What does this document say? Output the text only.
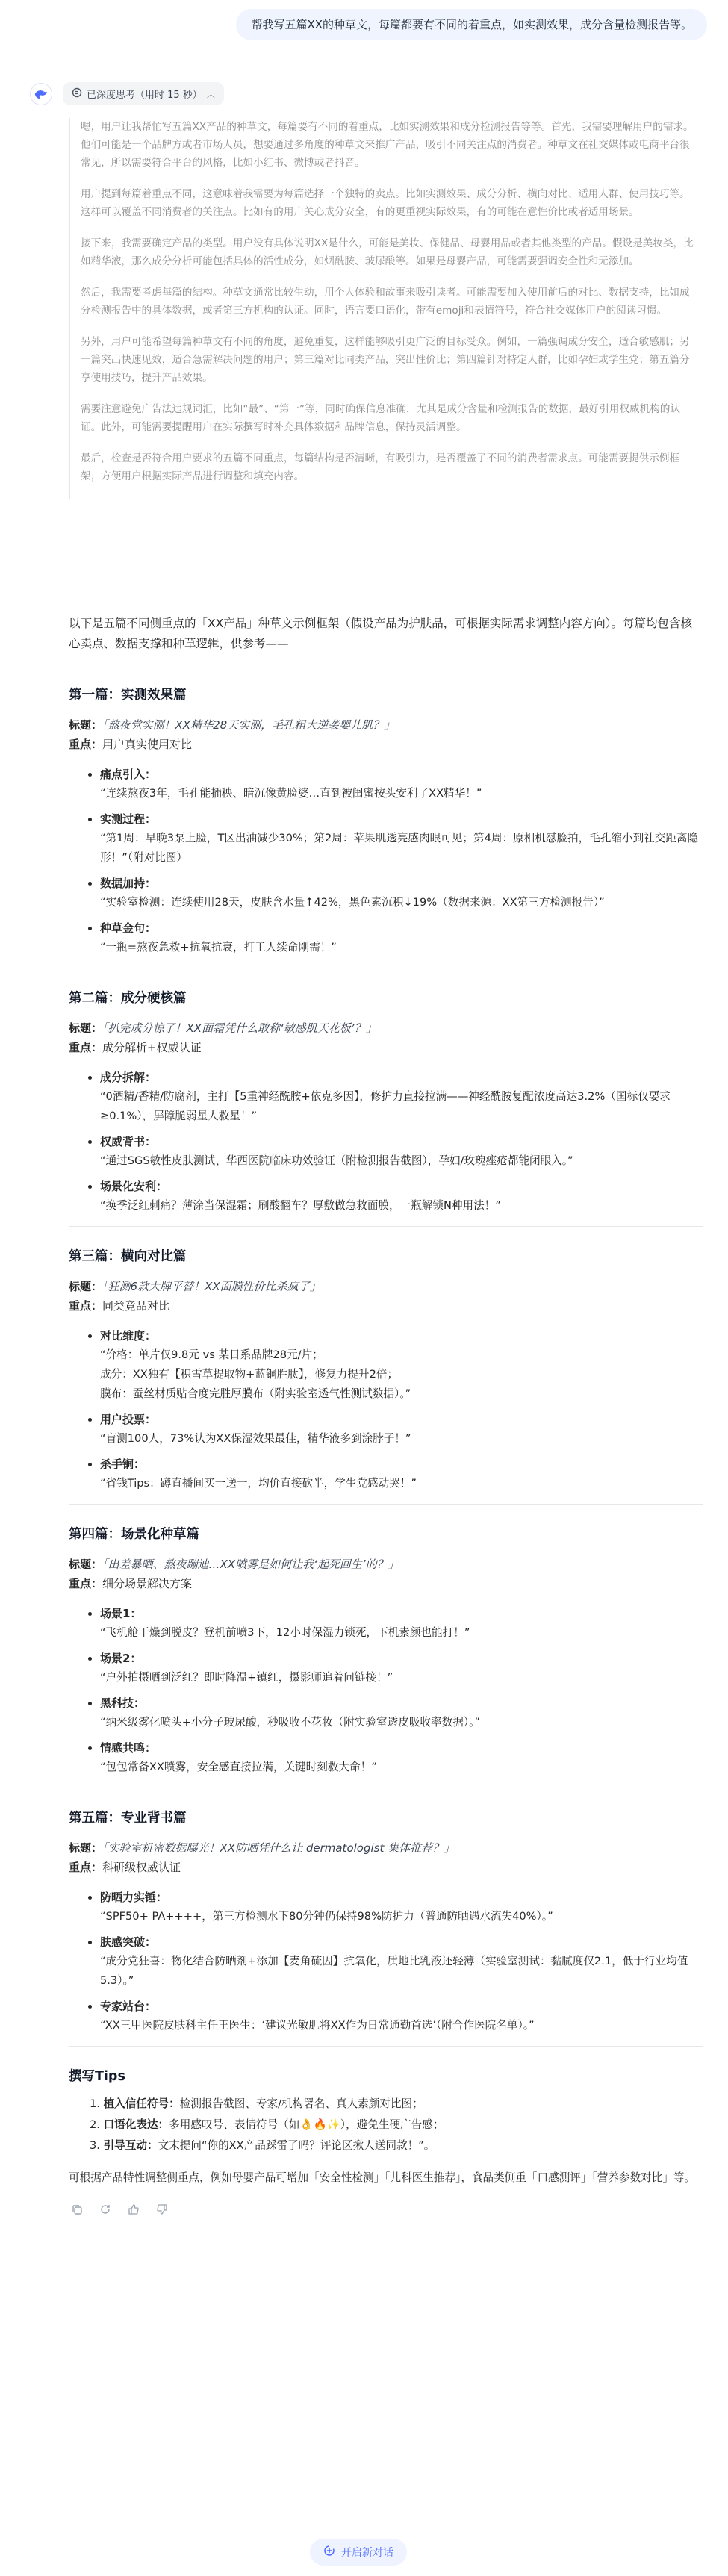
帮我写五篇XX的种草文，每篇都要有不同的着重点，如实测效果，成分含量检测报告等。
已深度思考（用时 15 秒） ︿

嗯，用户让我帮忙写五篇XX产品的种草文，每篇要有不同的着重点，比如实测效果和成分检测报告等等。首先，我需要理解用户的需求。他们可能是一个品牌方或者市场人员，想要通过多角度的种草文来推广产品，吸引不同关注点的消费者。种草文在社交媒体或电商平台很常见，所以需要符合平台的风格，比如小红书、微博或者抖音。

用户提到每篇着重点不同，这意味着我需要为每篇选择一个独特的卖点。比如实测效果、成分分析、横向对比、适用人群、使用技巧等。这样可以覆盖不同消费者的关注点。比如有的用户关心成分安全，有的更重视实际效果，有的可能在意性价比或者适用场景。

接下来，我需要确定产品的类型。用户没有具体说明XX是什么，可能是美妆、保健品、母婴用品或者其他类型的产品。假设是美妆类，比如精华液，那么成分分析可能包括具体的活性成分，如烟酰胺、玻尿酸等。如果是母婴产品，可能需要强调安全性和无添加。

然后，我需要考虑每篇的结构。种草文通常比较生动，用个人体验和故事来吸引读者。可能需要加入使用前后的对比、数据支持，比如成分检测报告中的具体数据，或者第三方机构的认证。同时，语言要口语化，带有emoji和表情符号，符合社交媒体用户的阅读习惯。

另外，用户可能希望每篇种草文有不同的角度，避免重复，这样能够吸引更广泛的目标受众。例如，一篇强调成分安全，适合敏感肌；另一篇突出快速见效，适合急需解决问题的用户；第三篇对比同类产品，突出性价比；第四篇针对特定人群，比如孕妇或学生党；第五篇分享使用技巧，提升产品效果。

需要注意避免广告法违规词汇，比如“最”、“第一”等，同时确保信息准确，尤其是成分含量和检测报告的数据，最好引用权威机构的认证。此外，可能需要提醒用户在实际撰写时补充具体数据和品牌信息，保持灵活调整。

最后，检查是否符合用户要求的五篇不同重点，每篇结构是否清晰，有吸引力，是否覆盖了不同的消费者需求点。可能需要提供示例框架，方便用户根据实际产品进行调整和填充内容。

以下是五篇不同侧重点的「XX产品」种草文示例框架（假设产品为护肤品，可根据实际需求调整内容方向）。每篇均包含核心卖点、数据支撑和种草逻辑，供参考——
第一篇：实测效果篇
标题：「熬夜党实测！XX精华28天实测，毛孔粗大逆袭婴儿肌？」
重点：用户真实使用对比
痛点引入：
“连续熬夜3年，毛孔能插秧、暗沉像黄脸婆…直到被闺蜜按头安利了XX精华！”
实测过程：
“第1周：早晚3泵上脸，T区出油减少30%；第2周：苹果肌透亮感肉眼可见；第4周：原相机怼脸拍，毛孔缩小到社交距离隐形！”（附对比图）
数据加持：
“实验室检测：连续使用28天，皮肤含水量↑42%，黑色素沉积↓19%（数据来源：XX第三方检测报告）”
种草金句：
“一瓶=熬夜急救+抗氧抗衰，打工人续命刚需！”
第二篇：成分硬核篇
标题：「扒完成分惊了！XX面霜凭什么敢称‘敏感肌天花板’？」
重点：成分解析+权威认证
成分拆解：
“0酒精/香精/防腐剂，主打【5重神经酰胺+依克多因】，修护力直接拉满——神经酰胺复配浓度高达3.2%（国标仅要求≥0.1%），屏障脆弱星人救星！”
权威背书：
“通过SGS敏性皮肤测试、华西医院临床功效验证（附检测报告截图），孕妇/玫瑰痤疮都能闭眼入。”
场景化安利：
“换季泛红刺痛？薄涂当保湿霜；刷酸翻车？厚敷做急救面膜，一瓶解锁N种用法！”
第三篇：横向对比篇
标题：「狂测6款大牌平替！XX面膜性价比杀疯了」
重点：同类竞品对比
对比维度：
“价格：单片仅9.8元 vs 某日系品牌28元/片；
成分：XX独有【积雪草提取物+蓝铜胜肽】，修复力提升2倍；
膜布：蚕丝材质贴合度完胜厚膜布（附实验室透气性测试数据）。”
用户投票：
“盲测100人，73%认为XX保湿效果最佳，精华液多到涂脖子！”
杀手锏：
“省钱Tips：蹲直播间买一送一，均价直接砍半，学生党感动哭！”
第四篇：场景化种草篇
标题：「出差暴晒、熬夜蹦迪…XX喷雾是如何让我‘起死回生’的？」
重点：细分场景解决方案
场景1：
“飞机舱干燥到脱皮？登机前喷3下，12小时保湿力锁死，下机素颜也能打！”
场景2：
“户外拍摄晒到泛红？即时降温+镇红，摄影师追着问链接！”
黑科技：
“纳米级雾化喷头+小分子玻尿酸，秒吸收不花妆（附实验室透皮吸收率数据）。”
情感共鸣：
“包包常备XX喷雾，安全感直接拉满，关键时刻救大命！”
第五篇：专业背书篇
标题：「实验室机密数据曝光！XX防晒凭什么让 dermatologist 集体推荐？」
重点：科研级权威认证
防晒力实锤：
“SPF50+ PA++++，第三方检测水下80分钟仍保持98%防护力（普通防晒遇水流失40%）。”
肤感突破：
“成分党狂喜：物化结合防晒剂+添加【麦角硫因】抗氧化，质地比乳液还轻薄（实验室测试：黏腻度仅2.1，低于行业均值5.3）。”
专家站台：
“XX三甲医院皮肤科主任王医生：‘建议光敏肌将XX作为日常通勤首选’（附合作医院名单）。”
撰写Tips
1. 植入信任符号：检测报告截图、专家/机构署名、真人素颜对比图；
2. 口语化表达：多用感叹号、表情符号（如👌🔥✨），避免生硬广告感；
3. 引导互动：文末提问“你的XX产品踩雷了吗？评论区揪人送同款！”。
可根据产品特性调整侧重点，例如母婴产品可增加「安全性检测」「儿科医生推荐」，食品类侧重「口感测评」「营养参数对比」等。
开启新对话
